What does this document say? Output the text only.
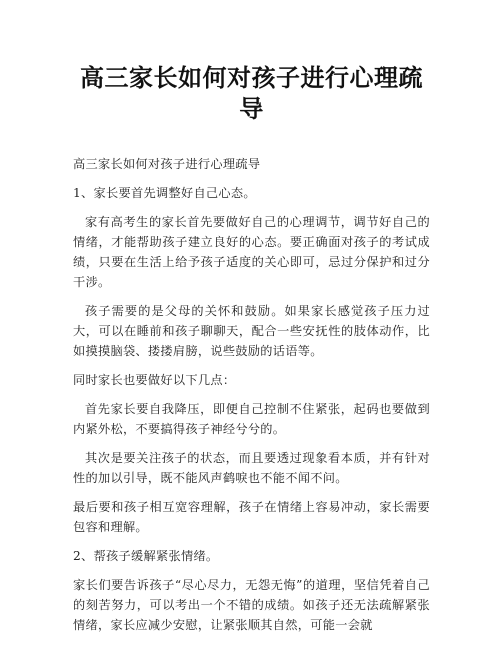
高三家长如何对孩子进行心理疏导

高三家长如何对孩子进行心理疏导

1、家长要首先调整好自己心态。

家有高考生的家长首先要做好自己的心理调节，调节好自己的情绪，才能帮助孩子建立良好的心态。要正确面对孩子的考试成绩，只要在生活上给予孩子适度的关心即可，忌过分保护和过分干涉。

孩子需要的是父母的关怀和鼓励。如果家长感觉孩子压力过大，可以在睡前和孩子聊聊天，配合一些安抚性的肢体动作，比如摸摸脑袋、搂搂肩膀，说些鼓励的话语等。

同时家长也要做好以下几点：

首先家长要自我降压，即便自己控制不住紧张，起码也要做到内紧外松，不要搞得孩子神经兮兮的。

其次是要关注孩子的状态，而且要透过现象看本质，并有针对性的加以引导，既不能风声鹤唳也不能不闻不问。

最后要和孩子相互宽容理解，孩子在情绪上容易冲动，家长需要包容和理解。

2、帮孩子缓解紧张情绪。

家长们要告诉孩子“尽心尽力，无怨无悔”的道理，坚信凭着自己的刻苦努力，可以考出一个不错的成绩。如孩子还无法疏解紧张情绪，家长应减少安慰，让紧张顺其自然，可能一会就
